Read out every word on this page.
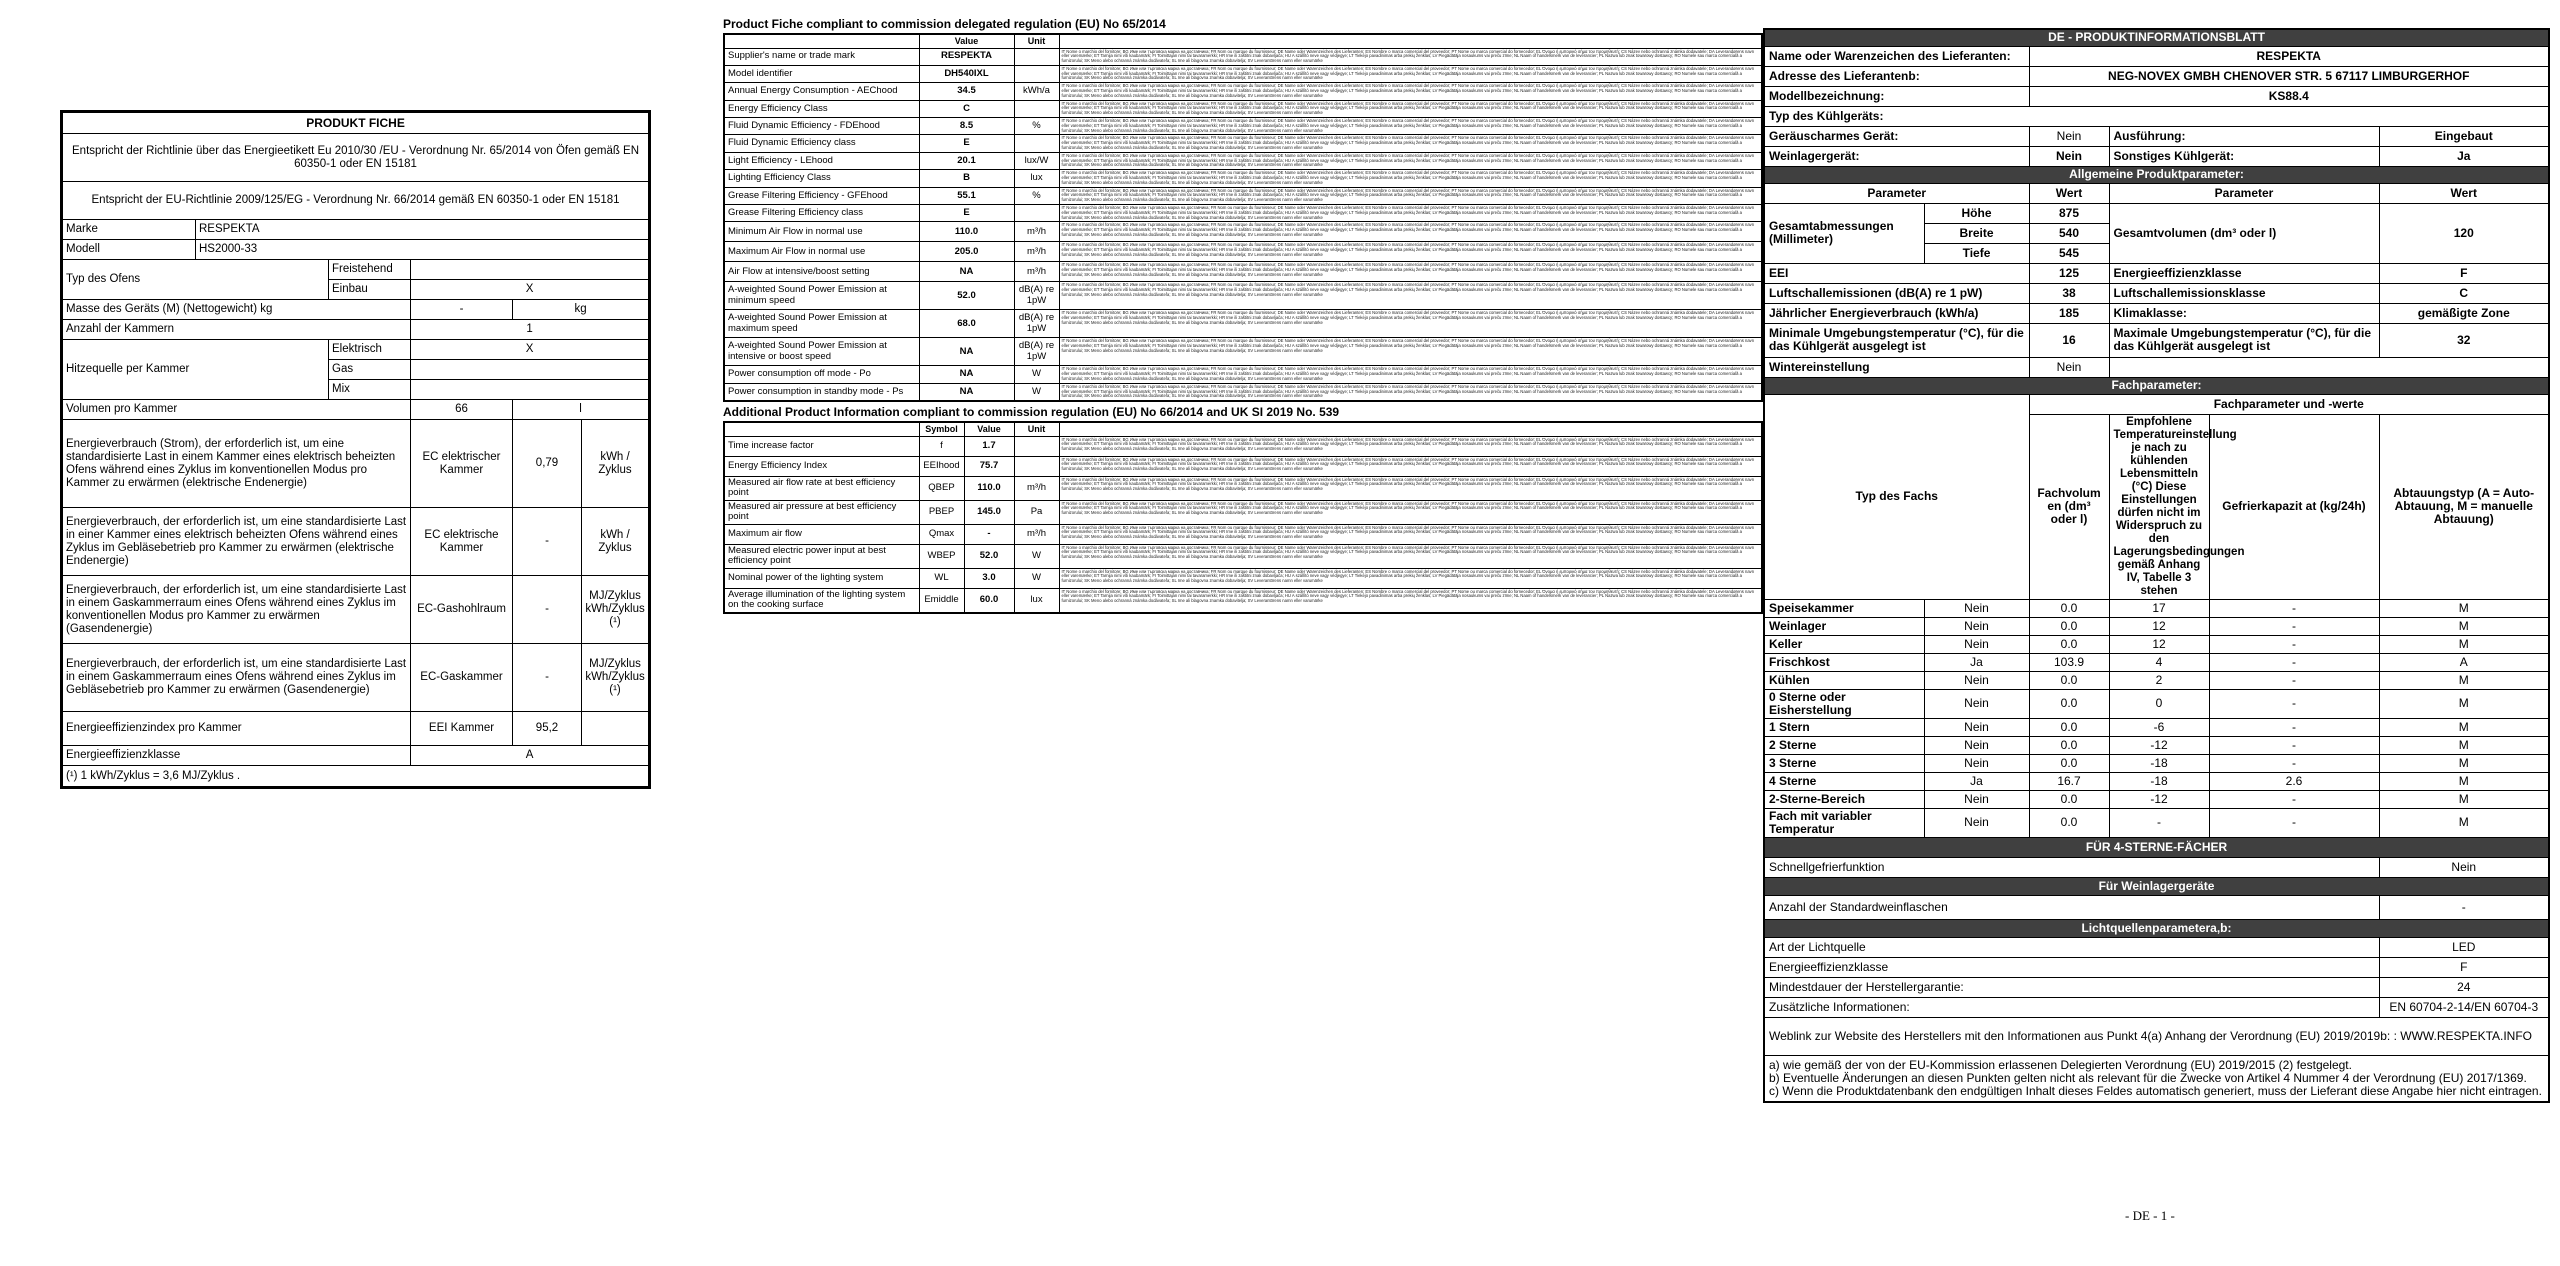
PRODUKT FICHE					
Entspricht der Richtlinie über das Energieetikett Eu 2010/30 /EU - Verordnung Nr. 65/2014 von Öfen gemäß EN 60350-1 oder EN 15181					
Entspricht der EU-Richtlinie 2009/125/EG - Verordnung Nr. 66/2014 gemäß EN 60350-1 oder EN 15181					
Marke	RESPEKTA				
Modell	HS2000-33				
Typ des Ofens		Freistehend			
		Einbau	X		
Masse des Geräts (M) (Nettogewicht) kg			-	kg	
Anzahl der Kammern			1		
Hitzequelle per Kammer		Elektrisch	X		
		Gas			
		Mix			
Volumen pro Kammer			66	l	
Energieverbrauch (Strom), der erforderlich ist, um eine standardisierte Last in einem Kammer eines elektrisch beheizten Ofens während eines Zyklus im konventionellen Modus pro Kammer zu erwärmen (elektrische Endenergie)			EC elektrischer Kammer	0,79	kWh / Zyklus
Energieverbrauch, der erforderlich ist, um eine standardisierte Last in einer Kammer eines elektrisch beheizten Ofens während eines Zyklus im Gebläsebetrieb pro Kammer zu erwärmen (elektrische Endenergie)			EC elektrische Kammer	-	kWh / Zyklus
Energieverbrauch, der erforderlich ist, um eine standardisierte Last in einem Gaskammerraum eines Ofens während eines Zyklus im konventionellen Modus pro Kammer zu erwärmen (Gasendenergie)			EC-Gashohlraum	-	MJ/Zyklus kWh/Zyklus (¹)
Energieverbrauch, der erforderlich ist, um eine standardisierte Last in einem Gaskammerraum eines Ofens während eines Zyklus im Gebläsebetrieb pro Kammer zu erwärmen (Gasendenergie)			EC-Gaskammer	-	MJ/Zyklus kWh/Zyklus (¹)
Energieeffizienzindex pro Kammer			EEI Kammer	95,2	
Energieeffizienzklasse			A		
(¹) 1 kWh/Zyklus = 3,6 MJ/Zyklus .					
Product Fiche compliant to commission delegated regulation (EU) No 65/2014
	Value	Unit	
Supplier's name or trade mark	RESPEKTA		IT Nome o marchio del fornitore; BG Име или търговска марка на доставчика; FR Nom ou marque du fournisseur; DE Name oder Warenzeichen des Lieferanten; ES Nombre o marca comercial del proveedor; PT Nome ou marca comercial do fornecedor; EL Όνομα ή εμπορικό σήμα του προμηθευτή; CS Název nebo ochranná známka dodavatele; DA Leverandørens navn eller varemærke; ET Tarnija nimi või kaubamärk; FI Toimittajan nimi tai tavaramerkki; HR Ime ili zaštitni znak dobavljača; HU A szállító neve vagy védjegye; LT Tiekėjo pavadinimas arba prekių ženklas; LV Piegādātāja nosaukums vai preču zīme; NL Naam of handelsmerk van de leverancier; PL Nazwa lub znak towarowy dostawcy; RO Numele sau marca comercială a furnizorului; SK Meno alebo ochranná známka dodávateľa; SL Ime ali blagovna znamka dobavitelja; SV Leverantörens namn eller varumärke
Model identifier	DH540IXL		IT Nome o marchio del fornitore; BG Име или търговска марка на доставчика; FR Nom ou marque du fournisseur; DE Name oder Warenzeichen des Lieferanten; ES Nombre o marca comercial del proveedor; PT Nome ou marca comercial do fornecedor; EL Όνομα ή εμπορικό σήμα του προμηθευτή; CS Název nebo ochranná známka dodavatele; DA Leverandørens navn eller varemærke; ET Tarnija nimi või kaubamärk; FI Toimittajan nimi tai tavaramerkki; HR Ime ili zaštitni znak dobavljača; HU A szállító neve vagy védjegye; LT Tiekėjo pavadinimas arba prekių ženklas; LV Piegādātāja nosaukums vai preču zīme; NL Naam of handelsmerk van de leverancier; PL Nazwa lub znak towarowy dostawcy; RO Numele sau marca comercială a furnizorului; SK Meno alebo ochranná známka dodávateľa; SL Ime ali blagovna znamka dobavitelja; SV Leverantörens namn eller varumärke
Annual Energy Consumption - AEChood	34.5	kWh/a	IT Nome o marchio del fornitore; BG Име или търговска марка на доставчика; FR Nom ou marque du fournisseur; DE Name oder Warenzeichen des Lieferanten; ES Nombre o marca comercial del proveedor; PT Nome ou marca comercial do fornecedor; EL Όνομα ή εμπορικό σήμα του προμηθευτή; CS Název nebo ochranná známka dodavatele; DA Leverandørens navn eller varemærke; ET Tarnija nimi või kaubamärk; FI Toimittajan nimi tai tavaramerkki; HR Ime ili zaštitni znak dobavljača; HU A szállító neve vagy védjegye; LT Tiekėjo pavadinimas arba prekių ženklas; LV Piegādātāja nosaukums vai preču zīme; NL Naam of handelsmerk van de leverancier; PL Nazwa lub znak towarowy dostawcy; RO Numele sau marca comercială a furnizorului; SK Meno alebo ochranná známka dodávateľa; SL Ime ali blagovna znamka dobavitelja; SV Leverantörens namn eller varumärke
Energy Efficiency Class	C		IT Nome o marchio del fornitore; BG Име или търговска марка на доставчика; FR Nom ou marque du fournisseur; DE Name oder Warenzeichen des Lieferanten; ES Nombre o marca comercial del proveedor; PT Nome ou marca comercial do fornecedor; EL Όνομα ή εμπορικό σήμα του προμηθευτή; CS Název nebo ochranná známka dodavatele; DA Leverandørens navn eller varemærke; ET Tarnija nimi või kaubamärk; FI Toimittajan nimi tai tavaramerkki; HR Ime ili zaštitni znak dobavljača; HU A szállító neve vagy védjegye; LT Tiekėjo pavadinimas arba prekių ženklas; LV Piegādātāja nosaukums vai preču zīme; NL Naam of handelsmerk van de leverancier; PL Nazwa lub znak towarowy dostawcy; RO Numele sau marca comercială a furnizorului; SK Meno alebo ochranná známka dodávateľa; SL Ime ali blagovna znamka dobavitelja; SV Leverantörens namn eller varumärke
Fluid Dynamic Efficiency - FDEhood	8.5	%	IT Nome o marchio del fornitore; BG Име или търговска марка на доставчика; FR Nom ou marque du fournisseur; DE Name oder Warenzeichen des Lieferanten; ES Nombre o marca comercial del proveedor; PT Nome ou marca comercial do fornecedor; EL Όνομα ή εμπορικό σήμα του προμηθευτή; CS Název nebo ochranná známka dodavatele; DA Leverandørens navn eller varemærke; ET Tarnija nimi või kaubamärk; FI Toimittajan nimi tai tavaramerkki; HR Ime ili zaštitni znak dobavljača; HU A szállító neve vagy védjegye; LT Tiekėjo pavadinimas arba prekių ženklas; LV Piegādātāja nosaukums vai preču zīme; NL Naam of handelsmerk van de leverancier; PL Nazwa lub znak towarowy dostawcy; RO Numele sau marca comercială a furnizorului; SK Meno alebo ochranná známka dodávateľa; SL Ime ali blagovna znamka dobavitelja; SV Leverantörens namn eller varumärke
Fluid Dynamic Efficiency class	E		IT Nome o marchio del fornitore; BG Име или търговска марка на доставчика; FR Nom ou marque du fournisseur; DE Name oder Warenzeichen des Lieferanten; ES Nombre o marca comercial del proveedor; PT Nome ou marca comercial do fornecedor; EL Όνομα ή εμπορικό σήμα του προμηθευτή; CS Název nebo ochranná známka dodavatele; DA Leverandørens navn eller varemærke; ET Tarnija nimi või kaubamärk; FI Toimittajan nimi tai tavaramerkki; HR Ime ili zaštitni znak dobavljača; HU A szállító neve vagy védjegye; LT Tiekėjo pavadinimas arba prekių ženklas; LV Piegādātāja nosaukums vai preču zīme; NL Naam of handelsmerk van de leverancier; PL Nazwa lub znak towarowy dostawcy; RO Numele sau marca comercială a furnizorului; SK Meno alebo ochranná známka dodávateľa; SL Ime ali blagovna znamka dobavitelja; SV Leverantörens namn eller varumärke
Light Efficiency - LEhood	20.1	lux/W	IT Nome o marchio del fornitore; BG Име или търговска марка на доставчика; FR Nom ou marque du fournisseur; DE Name oder Warenzeichen des Lieferanten; ES Nombre o marca comercial del proveedor; PT Nome ou marca comercial do fornecedor; EL Όνομα ή εμπορικό σήμα του προμηθευτή; CS Název nebo ochranná známka dodavatele; DA Leverandørens navn eller varemærke; ET Tarnija nimi või kaubamärk; FI Toimittajan nimi tai tavaramerkki; HR Ime ili zaštitni znak dobavljača; HU A szállító neve vagy védjegye; LT Tiekėjo pavadinimas arba prekių ženklas; LV Piegādātāja nosaukums vai preču zīme; NL Naam of handelsmerk van de leverancier; PL Nazwa lub znak towarowy dostawcy; RO Numele sau marca comercială a furnizorului; SK Meno alebo ochranná známka dodávateľa; SL Ime ali blagovna znamka dobavitelja; SV Leverantörens namn eller varumärke
Lighting Efficiency Class	B	lux	IT Nome o marchio del fornitore; BG Име или търговска марка на доставчика; FR Nom ou marque du fournisseur; DE Name oder Warenzeichen des Lieferanten; ES Nombre o marca comercial del proveedor; PT Nome ou marca comercial do fornecedor; EL Όνομα ή εμπορικό σήμα του προμηθευτή; CS Název nebo ochranná známka dodavatele; DA Leverandørens navn eller varemærke; ET Tarnija nimi või kaubamärk; FI Toimittajan nimi tai tavaramerkki; HR Ime ili zaštitni znak dobavljača; HU A szállító neve vagy védjegye; LT Tiekėjo pavadinimas arba prekių ženklas; LV Piegādātāja nosaukums vai preču zīme; NL Naam of handelsmerk van de leverancier; PL Nazwa lub znak towarowy dostawcy; RO Numele sau marca comercială a furnizorului; SK Meno alebo ochranná známka dodávateľa; SL Ime ali blagovna znamka dobavitelja; SV Leverantörens namn eller varumärke
Grease Filtering Efficiency - GFEhood	55.1	%	IT Nome o marchio del fornitore; BG Име или търговска марка на доставчика; FR Nom ou marque du fournisseur; DE Name oder Warenzeichen des Lieferanten; ES Nombre o marca comercial del proveedor; PT Nome ou marca comercial do fornecedor; EL Όνομα ή εμπορικό σήμα του προμηθευτή; CS Název nebo ochranná známka dodavatele; DA Leverandørens navn eller varemærke; ET Tarnija nimi või kaubamärk; FI Toimittajan nimi tai tavaramerkki; HR Ime ili zaštitni znak dobavljača; HU A szállító neve vagy védjegye; LT Tiekėjo pavadinimas arba prekių ženklas; LV Piegādātāja nosaukums vai preču zīme; NL Naam of handelsmerk van de leverancier; PL Nazwa lub znak towarowy dostawcy; RO Numele sau marca comercială a furnizorului; SK Meno alebo ochranná známka dodávateľa; SL Ime ali blagovna znamka dobavitelja; SV Leverantörens namn eller varumärke
Grease Filtering Efficiency class	E		IT Nome o marchio del fornitore; BG Име или търговска марка на доставчика; FR Nom ou marque du fournisseur; DE Name oder Warenzeichen des Lieferanten; ES Nombre o marca comercial del proveedor; PT Nome ou marca comercial do fornecedor; EL Όνομα ή εμπορικό σήμα του προμηθευτή; CS Název nebo ochranná známka dodavatele; DA Leverandørens navn eller varemærke; ET Tarnija nimi või kaubamärk; FI Toimittajan nimi tai tavaramerkki; HR Ime ili zaštitni znak dobavljača; HU A szállító neve vagy védjegye; LT Tiekėjo pavadinimas arba prekių ženklas; LV Piegādātāja nosaukums vai preču zīme; NL Naam of handelsmerk van de leverancier; PL Nazwa lub znak towarowy dostawcy; RO Numele sau marca comercială a furnizorului; SK Meno alebo ochranná známka dodávateľa; SL Ime ali blagovna znamka dobavitelja; SV Leverantörens namn eller varumärke
Minimum Air Flow in normal use	110.0	m³/h	IT Nome o marchio del fornitore; BG Име или търговска марка на доставчика; FR Nom ou marque du fournisseur; DE Name oder Warenzeichen des Lieferanten; ES Nombre o marca comercial del proveedor; PT Nome ou marca comercial do fornecedor; EL Όνομα ή εμπορικό σήμα του προμηθευτή; CS Název nebo ochranná známka dodavatele; DA Leverandørens navn eller varemærke; ET Tarnija nimi või kaubamärk; FI Toimittajan nimi tai tavaramerkki; HR Ime ili zaštitni znak dobavljača; HU A szállító neve vagy védjegye; LT Tiekėjo pavadinimas arba prekių ženklas; LV Piegādātāja nosaukums vai preču zīme; NL Naam of handelsmerk van de leverancier; PL Nazwa lub znak towarowy dostawcy; RO Numele sau marca comercială a furnizorului; SK Meno alebo ochranná známka dodávateľa; SL Ime ali blagovna znamka dobavitelja; SV Leverantörens namn eller varumärke
Maximum Air Flow in normal use	205.0	m³/h	IT Nome o marchio del fornitore; BG Име или търговска марка на доставчика; FR Nom ou marque du fournisseur; DE Name oder Warenzeichen des Lieferanten; ES Nombre o marca comercial del proveedor; PT Nome ou marca comercial do fornecedor; EL Όνομα ή εμπορικό σήμα του προμηθευτή; CS Název nebo ochranná známka dodavatele; DA Leverandørens navn eller varemærke; ET Tarnija nimi või kaubamärk; FI Toimittajan nimi tai tavaramerkki; HR Ime ili zaštitni znak dobavljača; HU A szállító neve vagy védjegye; LT Tiekėjo pavadinimas arba prekių ženklas; LV Piegādātāja nosaukums vai preču zīme; NL Naam of handelsmerk van de leverancier; PL Nazwa lub znak towarowy dostawcy; RO Numele sau marca comercială a furnizorului; SK Meno alebo ochranná známka dodávateľa; SL Ime ali blagovna znamka dobavitelja; SV Leverantörens namn eller varumärke
Air Flow at intensive/boost setting	NA	m³/h	IT Nome o marchio del fornitore; BG Име или търговска марка на доставчика; FR Nom ou marque du fournisseur; DE Name oder Warenzeichen des Lieferanten; ES Nombre o marca comercial del proveedor; PT Nome ou marca comercial do fornecedor; EL Όνομα ή εμπορικό σήμα του προμηθευτή; CS Název nebo ochranná známka dodavatele; DA Leverandørens navn eller varemærke; ET Tarnija nimi või kaubamärk; FI Toimittajan nimi tai tavaramerkki; HR Ime ili zaštitni znak dobavljača; HU A szállító neve vagy védjegye; LT Tiekėjo pavadinimas arba prekių ženklas; LV Piegādātāja nosaukums vai preču zīme; NL Naam of handelsmerk van de leverancier; PL Nazwa lub znak towarowy dostawcy; RO Numele sau marca comercială a furnizorului; SK Meno alebo ochranná známka dodávateľa; SL Ime ali blagovna znamka dobavitelja; SV Leverantörens namn eller varumärke
A-weighted Sound Power Emission at minimum speed	52.0	dB(A) re 1pW	IT Nome o marchio del fornitore; BG Име или търговска марка на доставчика; FR Nom ou marque du fournisseur; DE Name oder Warenzeichen des Lieferanten; ES Nombre o marca comercial del proveedor; PT Nome ou marca comercial do fornecedor; EL Όνομα ή εμπορικό σήμα του προμηθευτή; CS Název nebo ochranná známka dodavatele; DA Leverandørens navn eller varemærke; ET Tarnija nimi või kaubamärk; FI Toimittajan nimi tai tavaramerkki; HR Ime ili zaštitni znak dobavljača; HU A szállító neve vagy védjegye; LT Tiekėjo pavadinimas arba prekių ženklas; LV Piegādātāja nosaukums vai preču zīme; NL Naam of handelsmerk van de leverancier; PL Nazwa lub znak towarowy dostawcy; RO Numele sau marca comercială a furnizorului; SK Meno alebo ochranná známka dodávateľa; SL Ime ali blagovna znamka dobavitelja; SV Leverantörens namn eller varumärke
A-weighted Sound Power Emission at maximum speed	68.0	dB(A) re 1pW	IT Nome o marchio del fornitore; BG Име или търговска марка на доставчика; FR Nom ou marque du fournisseur; DE Name oder Warenzeichen des Lieferanten; ES Nombre o marca comercial del proveedor; PT Nome ou marca comercial do fornecedor; EL Όνομα ή εμπορικό σήμα του προμηθευτή; CS Název nebo ochranná známka dodavatele; DA Leverandørens navn eller varemærke; ET Tarnija nimi või kaubamärk; FI Toimittajan nimi tai tavaramerkki; HR Ime ili zaštitni znak dobavljača; HU A szállító neve vagy védjegye; LT Tiekėjo pavadinimas arba prekių ženklas; LV Piegādātāja nosaukums vai preču zīme; NL Naam of handelsmerk van de leverancier; PL Nazwa lub znak towarowy dostawcy; RO Numele sau marca comercială a furnizorului; SK Meno alebo ochranná známka dodávateľa; SL Ime ali blagovna znamka dobavitelja; SV Leverantörens namn eller varumärke
A-weighted Sound Power Emission at intensive or boost speed	NA	dB(A) re 1pW	IT Nome o marchio del fornitore; BG Име или търговска марка на доставчика; FR Nom ou marque du fournisseur; DE Name oder Warenzeichen des Lieferanten; ES Nombre o marca comercial del proveedor; PT Nome ou marca comercial do fornecedor; EL Όνομα ή εμπορικό σήμα του προμηθευτή; CS Název nebo ochranná známka dodavatele; DA Leverandørens navn eller varemærke; ET Tarnija nimi või kaubamärk; FI Toimittajan nimi tai tavaramerkki; HR Ime ili zaštitni znak dobavljača; HU A szállító neve vagy védjegye; LT Tiekėjo pavadinimas arba prekių ženklas; LV Piegādātāja nosaukums vai preču zīme; NL Naam of handelsmerk van de leverancier; PL Nazwa lub znak towarowy dostawcy; RO Numele sau marca comercială a furnizorului; SK Meno alebo ochranná známka dodávateľa; SL Ime ali blagovna znamka dobavitelja; SV Leverantörens namn eller varumärke
Power consumption off mode - Po	NA	W	IT Nome o marchio del fornitore; BG Име или търговска марка на доставчика; FR Nom ou marque du fournisseur; DE Name oder Warenzeichen des Lieferanten; ES Nombre o marca comercial del proveedor; PT Nome ou marca comercial do fornecedor; EL Όνομα ή εμπορικό σήμα του προμηθευτή; CS Název nebo ochranná známka dodavatele; DA Leverandørens navn eller varemærke; ET Tarnija nimi või kaubamärk; FI Toimittajan nimi tai tavaramerkki; HR Ime ili zaštitni znak dobavljača; HU A szállító neve vagy védjegye; LT Tiekėjo pavadinimas arba prekių ženklas; LV Piegādātāja nosaukums vai preču zīme; NL Naam of handelsmerk van de leverancier; PL Nazwa lub znak towarowy dostawcy; RO Numele sau marca comercială a furnizorului; SK Meno alebo ochranná známka dodávateľa; SL Ime ali blagovna znamka dobavitelja; SV Leverantörens namn eller varumärke
Power consumption in standby mode - Ps	NA	W	IT Nome o marchio del fornitore; BG Име или търговска марка на доставчика; FR Nom ou marque du fournisseur; DE Name oder Warenzeichen des Lieferanten; ES Nombre o marca comercial del proveedor; PT Nome ou marca comercial do fornecedor; EL Όνομα ή εμπορικό σήμα του προμηθευτή; CS Název nebo ochranná známka dodavatele; DA Leverandørens navn eller varemærke; ET Tarnija nimi või kaubamärk; FI Toimittajan nimi tai tavaramerkki; HR Ime ili zaštitni znak dobavljača; HU A szállító neve vagy védjegye; LT Tiekėjo pavadinimas arba prekių ženklas; LV Piegādātāja nosaukums vai preču zīme; NL Naam of handelsmerk van de leverancier; PL Nazwa lub znak towarowy dostawcy; RO Numele sau marca comercială a furnizorului; SK Meno alebo ochranná známka dodávateľa; SL Ime ali blagovna znamka dobavitelja; SV Leverantörens namn eller varumärke
Additional Product Information compliant to commission regulation (EU) No 66/2014 and UK SI 2019 No. 539
	Symbol	Value	Unit	
Time increase factor	f	1.7		IT Nome o marchio del fornitore; BG Име или търговска марка на доставчика; FR Nom ou marque du fournisseur; DE Name oder Warenzeichen des Lieferanten; ES Nombre o marca comercial del proveedor; PT Nome ou marca comercial do fornecedor; EL Όνομα ή εμπορικό σήμα του προμηθευτή; CS Název nebo ochranná známka dodavatele; DA Leverandørens navn eller varemærke; ET Tarnija nimi või kaubamärk; FI Toimittajan nimi tai tavaramerkki; HR Ime ili zaštitni znak dobavljača; HU A szállító neve vagy védjegye; LT Tiekėjo pavadinimas arba prekių ženklas; LV Piegādātāja nosaukums vai preču zīme; NL Naam of handelsmerk van de leverancier; PL Nazwa lub znak towarowy dostawcy; RO Numele sau marca comercială a furnizorului; SK Meno alebo ochranná známka dodávateľa; SL Ime ali blagovna znamka dobavitelja; SV Leverantörens namn eller varumärke
Energy Efficiency Index	EEIhood	75.7		IT Nome o marchio del fornitore; BG Име или търговска марка на доставчика; FR Nom ou marque du fournisseur; DE Name oder Warenzeichen des Lieferanten; ES Nombre o marca comercial del proveedor; PT Nome ou marca comercial do fornecedor; EL Όνομα ή εμπορικό σήμα του προμηθευτή; CS Název nebo ochranná známka dodavatele; DA Leverandørens navn eller varemærke; ET Tarnija nimi või kaubamärk; FI Toimittajan nimi tai tavaramerkki; HR Ime ili zaštitni znak dobavljača; HU A szállító neve vagy védjegye; LT Tiekėjo pavadinimas arba prekių ženklas; LV Piegādātāja nosaukums vai preču zīme; NL Naam of handelsmerk van de leverancier; PL Nazwa lub znak towarowy dostawcy; RO Numele sau marca comercială a furnizorului; SK Meno alebo ochranná známka dodávateľa; SL Ime ali blagovna znamka dobavitelja; SV Leverantörens namn eller varumärke
Measured air flow rate at best efficiency point	QBEP	110.0	m³/h	IT Nome o marchio del fornitore; BG Име или търговска марка на доставчика; FR Nom ou marque du fournisseur; DE Name oder Warenzeichen des Lieferanten; ES Nombre o marca comercial del proveedor; PT Nome ou marca comercial do fornecedor; EL Όνομα ή εμπορικό σήμα του προμηθευτή; CS Název nebo ochranná známka dodavatele; DA Leverandørens navn eller varemærke; ET Tarnija nimi või kaubamärk; FI Toimittajan nimi tai tavaramerkki; HR Ime ili zaštitni znak dobavljača; HU A szállító neve vagy védjegye; LT Tiekėjo pavadinimas arba prekių ženklas; LV Piegādātāja nosaukums vai preču zīme; NL Naam of handelsmerk van de leverancier; PL Nazwa lub znak towarowy dostawcy; RO Numele sau marca comercială a furnizorului; SK Meno alebo ochranná známka dodávateľa; SL Ime ali blagovna znamka dobavitelja; SV Leverantörens namn eller varumärke
Measured air pressure at best efficiency point	PBEP	145.0	Pa	IT Nome o marchio del fornitore; BG Име или търговска марка на доставчика; FR Nom ou marque du fournisseur; DE Name oder Warenzeichen des Lieferanten; ES Nombre o marca comercial del proveedor; PT Nome ou marca comercial do fornecedor; EL Όνομα ή εμπορικό σήμα του προμηθευτή; CS Název nebo ochranná známka dodavatele; DA Leverandørens navn eller varemærke; ET Tarnija nimi või kaubamärk; FI Toimittajan nimi tai tavaramerkki; HR Ime ili zaštitni znak dobavljača; HU A szállító neve vagy védjegye; LT Tiekėjo pavadinimas arba prekių ženklas; LV Piegādātāja nosaukums vai preču zīme; NL Naam of handelsmerk van de leverancier; PL Nazwa lub znak towarowy dostawcy; RO Numele sau marca comercială a furnizorului; SK Meno alebo ochranná známka dodávateľa; SL Ime ali blagovna znamka dobavitelja; SV Leverantörens namn eller varumärke
Maximum air flow	Qmax	-	m³/h	IT Nome o marchio del fornitore; BG Име или търговска марка на доставчика; FR Nom ou marque du fournisseur; DE Name oder Warenzeichen des Lieferanten; ES Nombre o marca comercial del proveedor; PT Nome ou marca comercial do fornecedor; EL Όνομα ή εμπορικό σήμα του προμηθευτή; CS Název nebo ochranná známka dodavatele; DA Leverandørens navn eller varemærke; ET Tarnija nimi või kaubamärk; FI Toimittajan nimi tai tavaramerkki; HR Ime ili zaštitni znak dobavljača; HU A szállító neve vagy védjegye; LT Tiekėjo pavadinimas arba prekių ženklas; LV Piegādātāja nosaukums vai preču zīme; NL Naam of handelsmerk van de leverancier; PL Nazwa lub znak towarowy dostawcy; RO Numele sau marca comercială a furnizorului; SK Meno alebo ochranná známka dodávateľa; SL Ime ali blagovna znamka dobavitelja; SV Leverantörens namn eller varumärke
Measured electric power input at best efficiency point	WBEP	52.0	W	IT Nome o marchio del fornitore; BG Име или търговска марка на доставчика; FR Nom ou marque du fournisseur; DE Name oder Warenzeichen des Lieferanten; ES Nombre o marca comercial del proveedor; PT Nome ou marca comercial do fornecedor; EL Όνομα ή εμπορικό σήμα του προμηθευτή; CS Název nebo ochranná známka dodavatele; DA Leverandørens navn eller varemærke; ET Tarnija nimi või kaubamärk; FI Toimittajan nimi tai tavaramerkki; HR Ime ili zaštitni znak dobavljača; HU A szállító neve vagy védjegye; LT Tiekėjo pavadinimas arba prekių ženklas; LV Piegādātāja nosaukums vai preču zīme; NL Naam of handelsmerk van de leverancier; PL Nazwa lub znak towarowy dostawcy; RO Numele sau marca comercială a furnizorului; SK Meno alebo ochranná známka dodávateľa; SL Ime ali blagovna znamka dobavitelja; SV Leverantörens namn eller varumärke
Nominal power of the lighting system	WL	3.0	W	IT Nome o marchio del fornitore; BG Име или търговска марка на доставчика; FR Nom ou marque du fournisseur; DE Name oder Warenzeichen des Lieferanten; ES Nombre o marca comercial del proveedor; PT Nome ou marca comercial do fornecedor; EL Όνομα ή εμπορικό σήμα του προμηθευτή; CS Název nebo ochranná známka dodavatele; DA Leverandørens navn eller varemærke; ET Tarnija nimi või kaubamärk; FI Toimittajan nimi tai tavaramerkki; HR Ime ili zaštitni znak dobavljača; HU A szállító neve vagy védjegye; LT Tiekėjo pavadinimas arba prekių ženklas; LV Piegādātāja nosaukums vai preču zīme; NL Naam of handelsmerk van de leverancier; PL Nazwa lub znak towarowy dostawcy; RO Numele sau marca comercială a furnizorului; SK Meno alebo ochranná známka dodávateľa; SL Ime ali blagovna znamka dobavitelja; SV Leverantörens namn eller varumärke
Average illumination of the lighting system on the cooking surface	Emiddle	60.0	lux	IT Nome o marchio del fornitore; BG Име или търговска марка на доставчика; FR Nom ou marque du fournisseur; DE Name oder Warenzeichen des Lieferanten; ES Nombre o marca comercial del proveedor; PT Nome ou marca comercial do fornecedor; EL Όνομα ή εμπορικό σήμα του προμηθευτή; CS Název nebo ochranná známka dodavatele; DA Leverandørens navn eller varemærke; ET Tarnija nimi või kaubamärk; FI Toimittajan nimi tai tavaramerkki; HR Ime ili zaštitni znak dobavljača; HU A szállító neve vagy védjegye; LT Tiekėjo pavadinimas arba prekių ženklas; LV Piegādātāja nosaukums vai preču zīme; NL Naam of handelsmerk van de leverancier; PL Nazwa lub znak towarowy dostawcy; RO Numele sau marca comercială a furnizorului; SK Meno alebo ochranná známka dodávateľa; SL Ime ali blagovna znamka dobavitelja; SV Leverantörens namn eller varumärke
DE - PRODUKTINFORMATIONSBLATT					
Name oder Warenzeichen des Lieferanten:		RESPEKTA			
Adresse des Lieferantenb:		NEG-NOVEX GMBH CHENOVER STR. 5 67117 LIMBURGERHOF			
Modellbezeichnung:		KS88.4			
Typ des Kühlgeräts:					
Geräuscharmes Gerät:		Nein	Ausführung:		Eingebaut
Weinlagergerät:		Nein	Sonstiges Kühlgerät:		Ja
Allgemeine Produktparameter:					
Parameter		Wert	Parameter		Wert
Gesamtabmessungen (Millimeter)	Höhe	875	Gesamtvolumen (dm³ oder l)		120
	Breite	540			
	Tiefe	545			
EEI		125	Energieeffizienzklasse		F
Luftschallemissionen (dB(A) re 1 pW)		38	Luftschallemissionsklasse		C
Jährlicher Energieverbrauch (kWh/a)		185	Klimaklasse:		gemäßigte Zone
Minimale Umgebungstemperatur (°C), für die das Kühlgerät ausgelegt ist		16	Maximale Umgebungstemperatur (°C), für die das Kühlgerät ausgelegt ist		32
Wintereinstellung		Nein			
Fachparameter:					
Typ des Fachs		Fachparameter und -werte			
		Fachvolum en (dm³ oder l)	Empfohlene Temperatureinstellung je nach zu kühlenden Lebensmitteln (°C) Diese Einstellungen dürfen nicht im Widerspruch zu den Lagerungsbedingungen gemäß Anhang IV, Tabelle 3 stehen	Gefrierkapazit at (kg/24h)	Abtauungstyp (A = Auto-Abtauung, M = manuelle Abtauung)
Speisekammer	Nein	0.0	17	-	M
Weinlager	Nein	0.0	12	-	M
Keller	Nein	0.0	12	-	M
Frischkost	Ja	103.9	4	-	A
Kühlen	Nein	0.0	2	-	M
0 Sterne oder Eisherstellung	Nein	0.0	0	-	M
1 Stern	Nein	0.0	-6	-	M
2 Sterne	Nein	0.0	-12	-	M
3 Sterne	Nein	0.0	-18	-	M
4 Sterne	Ja	16.7	-18	2.6	M
2-Sterne-Bereich	Nein	0.0	-12	-	M
Fach mit variabler Temperatur	Nein	0.0	-	-	M
FÜR 4-STERNE-FÄCHER					
Schnellgefrierfunktion					Nein
Für Weinlagergeräte					
Anzahl der Standardweinflaschen					-
Lichtquellenparametera,b:					
Art der Lichtquelle					LED
Energieeffizienzklasse					F
Mindestdauer der Herstellergarantie:					24
Zusätzliche Informationen:					EN 60704-2-14/EN 60704-3
Weblink zur Website des Herstellers mit den Informationen aus Punkt 4(a) Anhang der Verordnung (EU) 2019/2019b: : WWW.RESPEKTA.INFO					

a) wie gemäß der von der EU-Kommission erlassenen Delegierten Verordnung (EU) 2019/2015 (2) festgelegt.
b) Eventuelle Änderungen an diesen Punkten gelten nicht als relevant für die Zwecke von Artikel 4 Nummer 4 der Verordnung (EU) 2017/1369.
c) Wenn die Produktdatenbank den endgültigen Inhalt dieses Feldes automatisch generiert, muss der Lieferant diese Angabe hier nicht eintragen.					
- DE - 1 -
